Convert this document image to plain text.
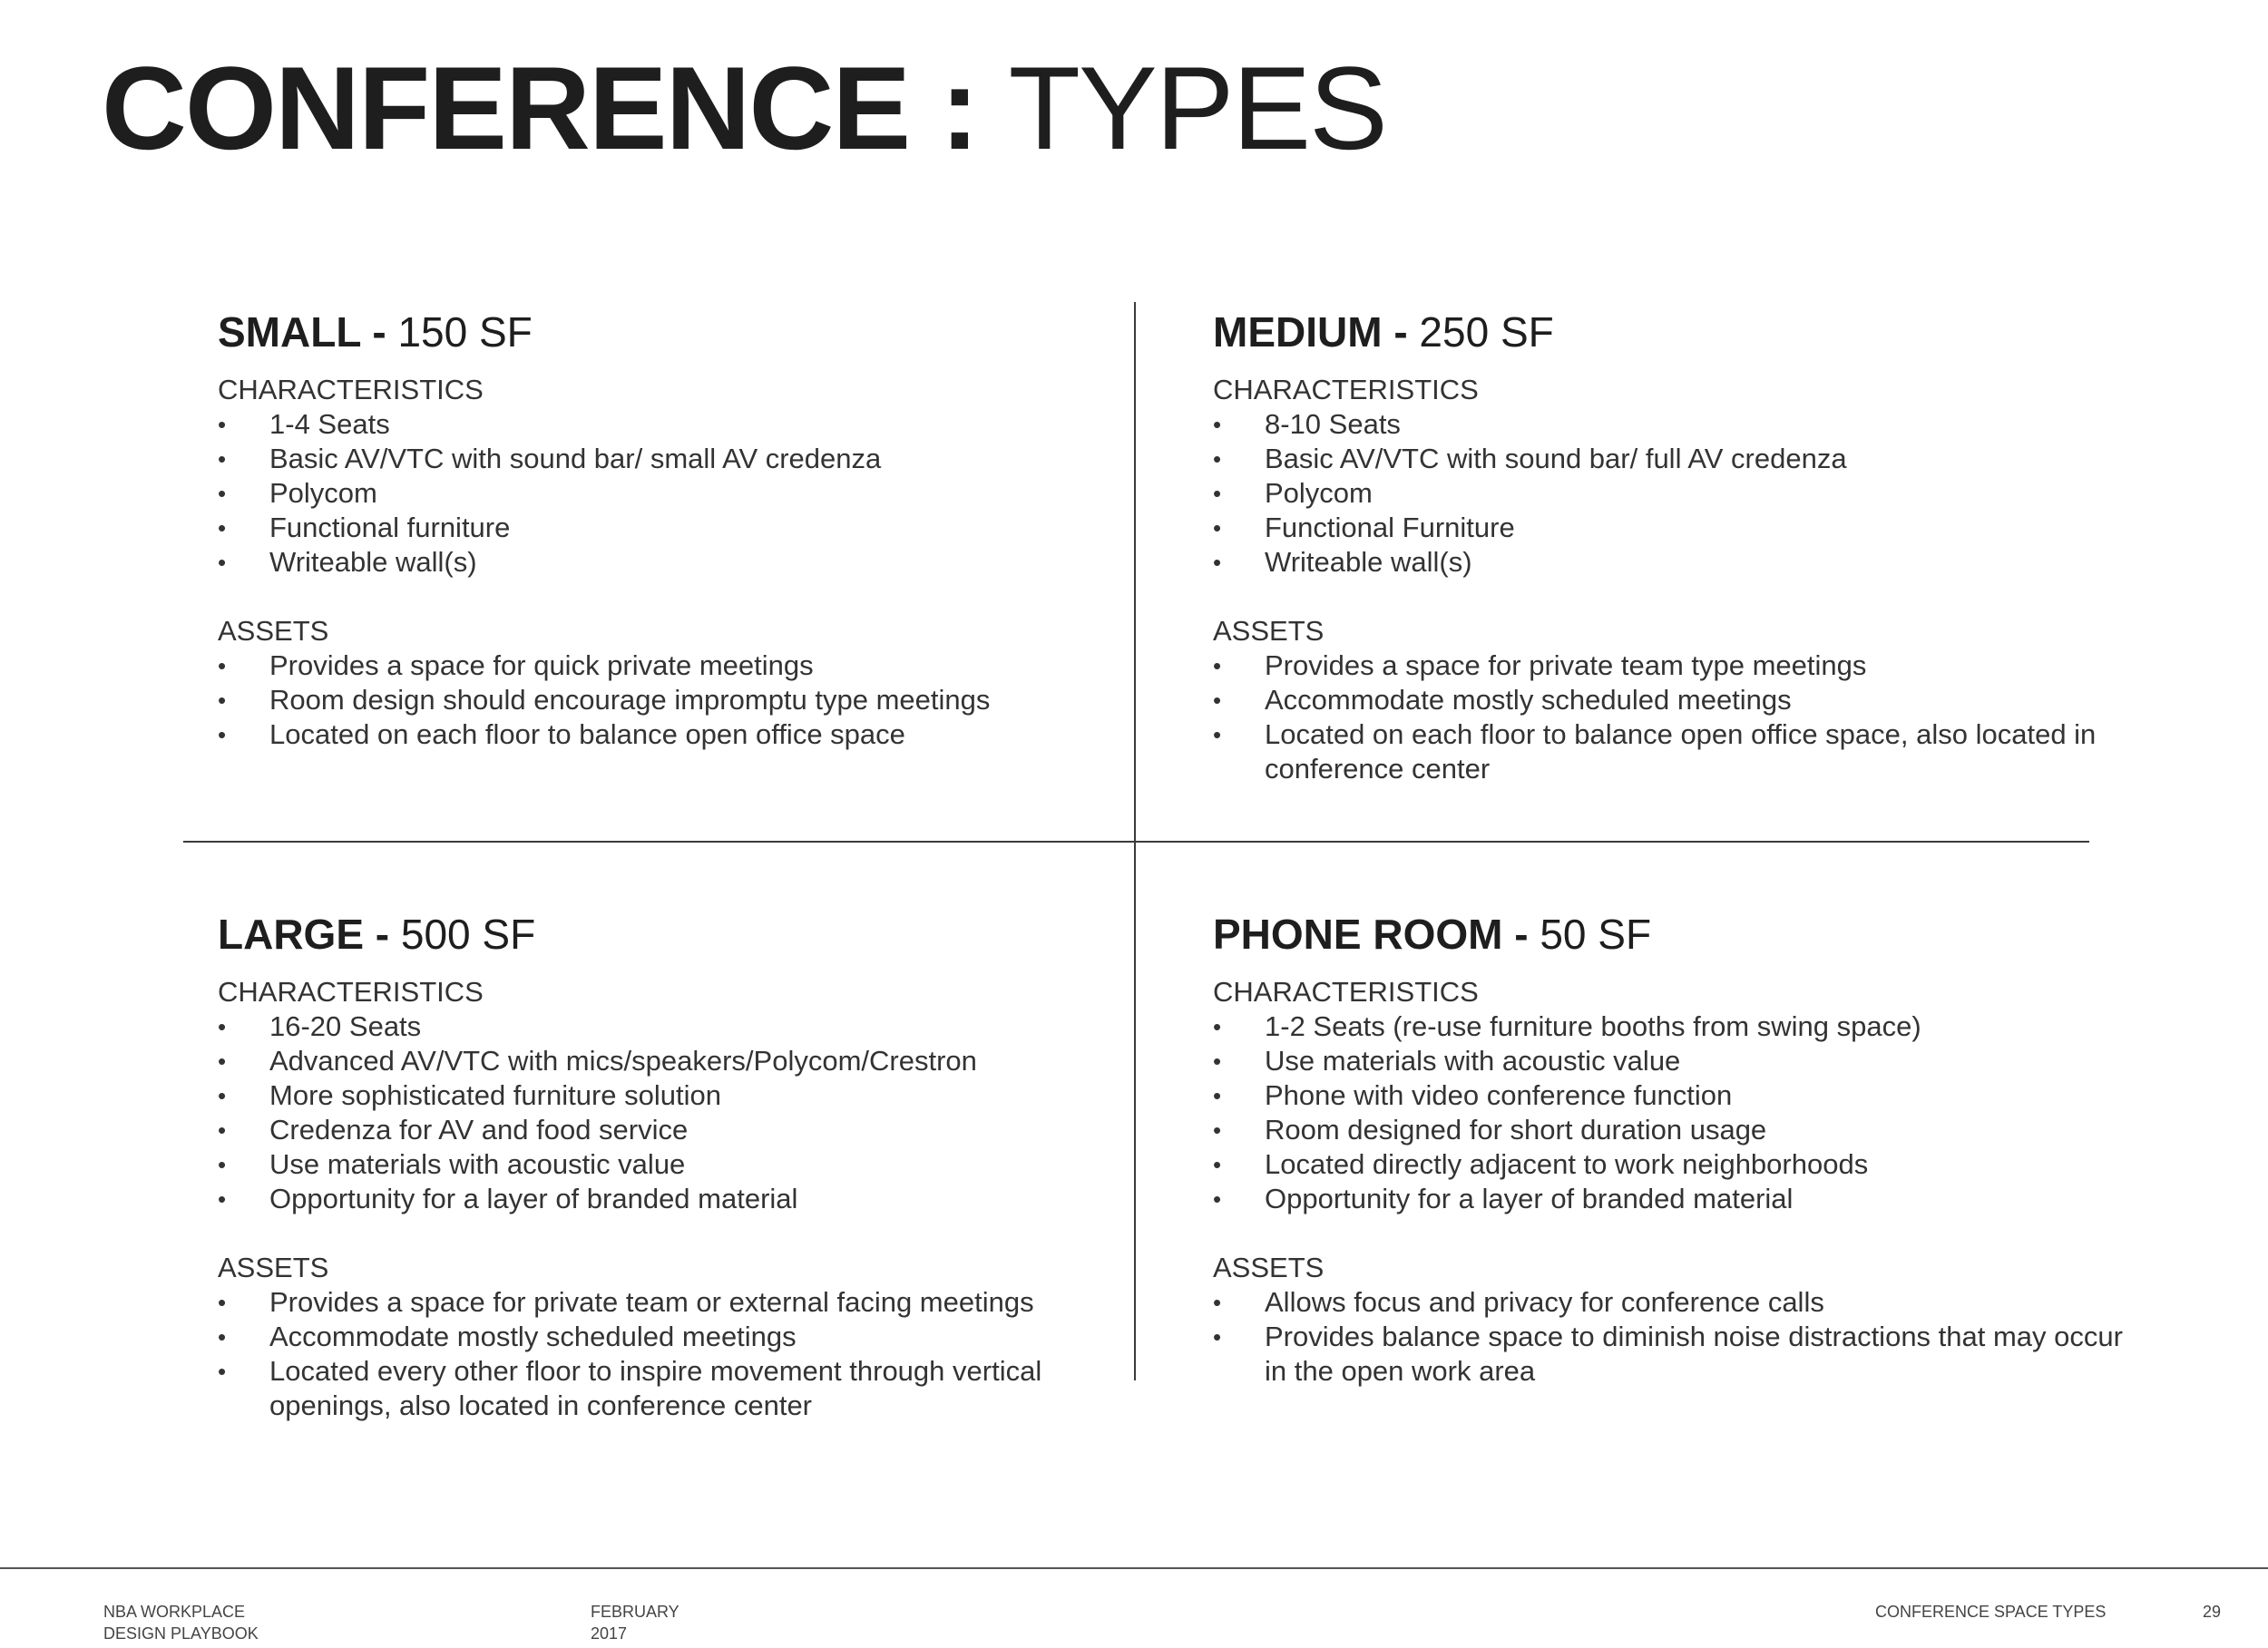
CONFERENCE : TYPES
SMALL - 150 SF
CHARACTERISTICS
• 1-4 Seats
• Basic AV/VTC with sound bar/ small AV credenza
• Polycom
• Functional furniture
• Writeable wall(s)
ASSETS
• Provides a space for quick private meetings
• Room design should encourage impromptu type meetings
• Located on each floor to balance open office space
MEDIUM - 250 SF
CHARACTERISTICS
• 8-10 Seats
• Basic AV/VTC with sound bar/ full AV credenza
• Polycom
• Functional Furniture
• Writeable wall(s)
ASSETS
• Provides a space for private team type meetings
• Accommodate mostly scheduled meetings
• Located on each floor to balance open office space, also located in conference center
LARGE - 500 SF
CHARACTERISTICS
• 16-20 Seats
• Advanced AV/VTC with mics/speakers/Polycom/Crestron
• More sophisticated furniture solution
• Credenza for AV and food service
• Use materials with acoustic value
• Opportunity for a layer of branded material
ASSETS
• Provides a space for private team or external facing meetings
• Accommodate mostly scheduled meetings
• Located every other floor to inspire movement through vertical openings, also located in conference center
PHONE ROOM - 50 SF
CHARACTERISTICS
• 1-2 Seats (re-use furniture booths from swing space)
• Use materials with acoustic value
• Phone with video conference function
• Room designed for short duration usage
• Located directly adjacent to work neighborhoods
• Opportunity for a layer of branded material
ASSETS
• Allows focus and privacy for conference calls
• Provides balance space to diminish noise distractions that may occur in the open work area
NBA WORKPLACE
DESIGN PLAYBOOK
FEBRUARY
2017
CONFERENCE SPACE TYPES	29
